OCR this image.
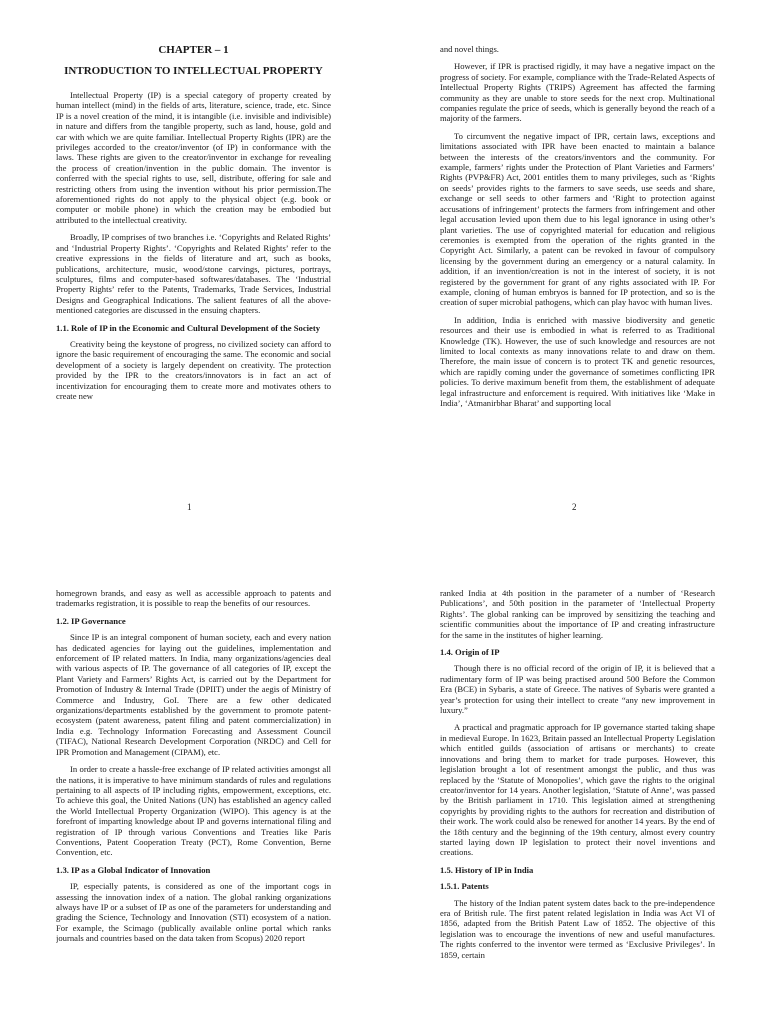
CHAPTER – 1
INTRODUCTION TO INTELLECTUAL PROPERTY

Intellectual Property (IP) is a special category of property created by human intellect (mind) in the fields of arts, literature, science, trade, etc. Since IP is a novel creation of the mind, it is intangible (i.e. invisible and indivisible) in nature and differs from the tangible property, such as land, house, gold and car with which we are quite familiar. Intellectual Property Rights (IPR) are the privileges accorded to the creator/inventor (of IP) in conformance with the laws. These rights are given to the creator/inventor in exchange for revealing the process of creation/invention in the public domain. The inventor is conferred with the special rights to use, sell, distribute, offering for sale and restricting others from using the invention without his prior permission.The aforementioned rights do not apply to the physical object (e.g. book or computer or mobile phone) in which the creation may be embodied but attributed to the intellectual creativity.

Broadly, IP comprises of two branches i.e. ‘Copyrights and Related Rights’ and ‘Industrial Property Rights’. ‘Copyrights and Related Rights’ refer to the creative expressions in the fields of literature and art, such as books, publications, architecture, music, wood/stone carvings, pictures, portrays, sculptures, films and computer-based softwares/databases. The ‘Industrial Property Rights’ refer to the Patents, Trademarks, Trade Services, Industrial Designs and Geographical Indications. The salient features of all the above-mentioned categories are discussed in the ensuing chapters.

1.1. Role of IP in the Economic and Cultural Development of the Society

Creativity being the keystone of progress, no civilized society can afford to ignore the basic requirement of encouraging the same. The economic and social development of a society is largely dependent on creativity. The protection provided by the IPR to the creators/innovators is in fact an act of incentivization for encouraging them to create more and motivates others to create new

1

and novel things.

However, if IPR is practised rigidly, it may have a negative impact on the progress of society. For example, compliance with the Trade-Related Aspects of Intellectual Property Rights (TRIPS) Agreement has affected the farming community as they are unable to store seeds for the next crop. Multinational companies regulate the price of seeds, which is generally beyond the reach of a majority of the farmers.

To circumvent the negative impact of IPR, certain laws, exceptions and limitations associated with IPR have been enacted to maintain a balance between the interests of the creators/inventors and the community. For example, farmers’ rights under the Protection of Plant Varieties and Farmers’ Rights (PVP&FR) Act, 2001 entitles them to many privileges, such as ‘Rights on seeds’ provides rights to the farmers to save seeds, use seeds and share, exchange or sell seeds to other farmers and ‘Right to protection against accusations of infringement’ protects the farmers from infringement and other legal accusation levied upon them due to his legal ignorance in using other’s plant varieties. The use of copyrighted material for education and religious ceremonies is exempted from the operation of the rights granted in the Copyright Act. Similarly, a patent can be revoked in favour of compulsory licensing by the government during an emergency or a natural calamity. In addition, if an invention/creation is not in the interest of society, it is not registered by the government for grant of any rights associated with IP. For example, cloning of human embryos is banned for IP protection, and so is the creation of super microbial pathogens, which can play havoc with human lives.

In addition, India is enriched with massive biodiversity and genetic resources and their use is embodied in what is referred to as Traditional Knowledge (TK). However, the use of such knowledge and resources are not limited to local contexts as many innovations relate to and draw on them. Therefore, the main issue of concern is to protect TK and genetic resources, which are rapidly coming under the governance of sometimes conflicting IPR policies. To derive maximum benefit from them, the establishment of adequate legal infrastructure and enforcement is required. With initiatives like ‘Make in India’, ‘Atmanirbhar Bharat’ and supporting local

2

homegrown brands, and easy as well as accessible approach to patents and trademarks registration, it is possible to reap the benefits of our resources.

1.2. IP Governance

Since IP is an integral component of human society, each and every nation has dedicated agencies for laying out the guidelines, implementation and enforcement of IP related matters. In India, many organizations/agencies deal with various aspects of IP. The governance of all categories of IP, except the Plant Variety and Farmers’ Rights Act, is carried out by the Department for Promotion of Industry & Internal Trade (DPIIT) under the aegis of Ministry of Commerce and Industry, GoI. There are a few other dedicated organizations/departments established by the government to promote patent-ecosystem (patent awareness, patent filing and patent commercialization) in India e.g. Technology Information Forecasting and Assessment Council (TIFAC), National Research Development Corporation (NRDC) and Cell for IPR Promotion and Management (CIPAM), etc.

In order to create a hassle-free exchange of IP related activities amongst all the nations, it is imperative to have minimum standards of rules and regulations pertaining to all aspects of IP including rights, empowerment, exceptions, etc. To achieve this goal, the United Nations (UN) has established an agency called the World Intellectual Property Organization (WIPO). This agency is at the forefront of imparting knowledge about IP and governs international filing and registration of IP through various Conventions and Treaties like Paris Conventions, Patent Cooperation Treaty (PCT), Rome Convention, Berne Convention, etc.

1.3. IP as a Global Indicator of Innovation

IP, especially patents, is considered as one of the important cogs in assessing the innovation index of a nation. The global ranking organizations always have IP or a subset of IP as one of the parameters for understanding and grading the Science, Technology and Innovation (STI) ecosystem of a nation. For example, the Scimago (publically available online portal which ranks journals and countries based on the data taken from Scopus) 2020 report

ranked India at 4th position in the parameter of a number of ‘Research Publications’, and 50th position in the parameter of ‘Intellectual Property Rights’. The global ranking can be improved by sensitizing the teaching and scientific communities about the importance of IP and creating infrastructure for the same in the institutes of higher learning.

1.4. Origin of IP

Though there is no official record of the origin of IP, it is believed that a rudimentary form of IP was being practised around 500 Before the Common Era (BCE) in Sybaris, a state of Greece. The natives of Sybaris were granted a year’s protection for using their intellect to create “any new improvement in luxury.”

A practical and pragmatic approach for IP governance started taking shape in medieval Europe. In 1623, Britain passed an Intellectual Property Legislation which entitled guilds (association of artisans or merchants) to create innovations and bring them to market for trade purposes. However, this legislation brought a lot of resentment amongst the public, and thus was replaced by the ‘Statute of Monopolies’, which gave the rights to the original creator/inventor for 14 years. Another legislation, ‘Statute of Anne’, was passed by the British parliament in 1710. This legislation aimed at strengthening copyrights by providing rights to the authors for recreation and distribution of their work. The work could also be renewed for another 14 years. By the end of the 18th century and the beginning of the 19th century, almost every country started laying down IP legislation to protect their novel inventions and creations.

1.5. History of IP in India
1.5.1. Patents

The history of the Indian patent system dates back to the pre-independence era of British rule. The first patent related legislation in India was Act VI of 1856, adapted from the British Patent Law of 1852. The objective of this legislation was to encourage the inventions of new and useful manufactures. The rights conferred to the inventor were termed as ‘Exclusive Privileges’. In 1859, certain
